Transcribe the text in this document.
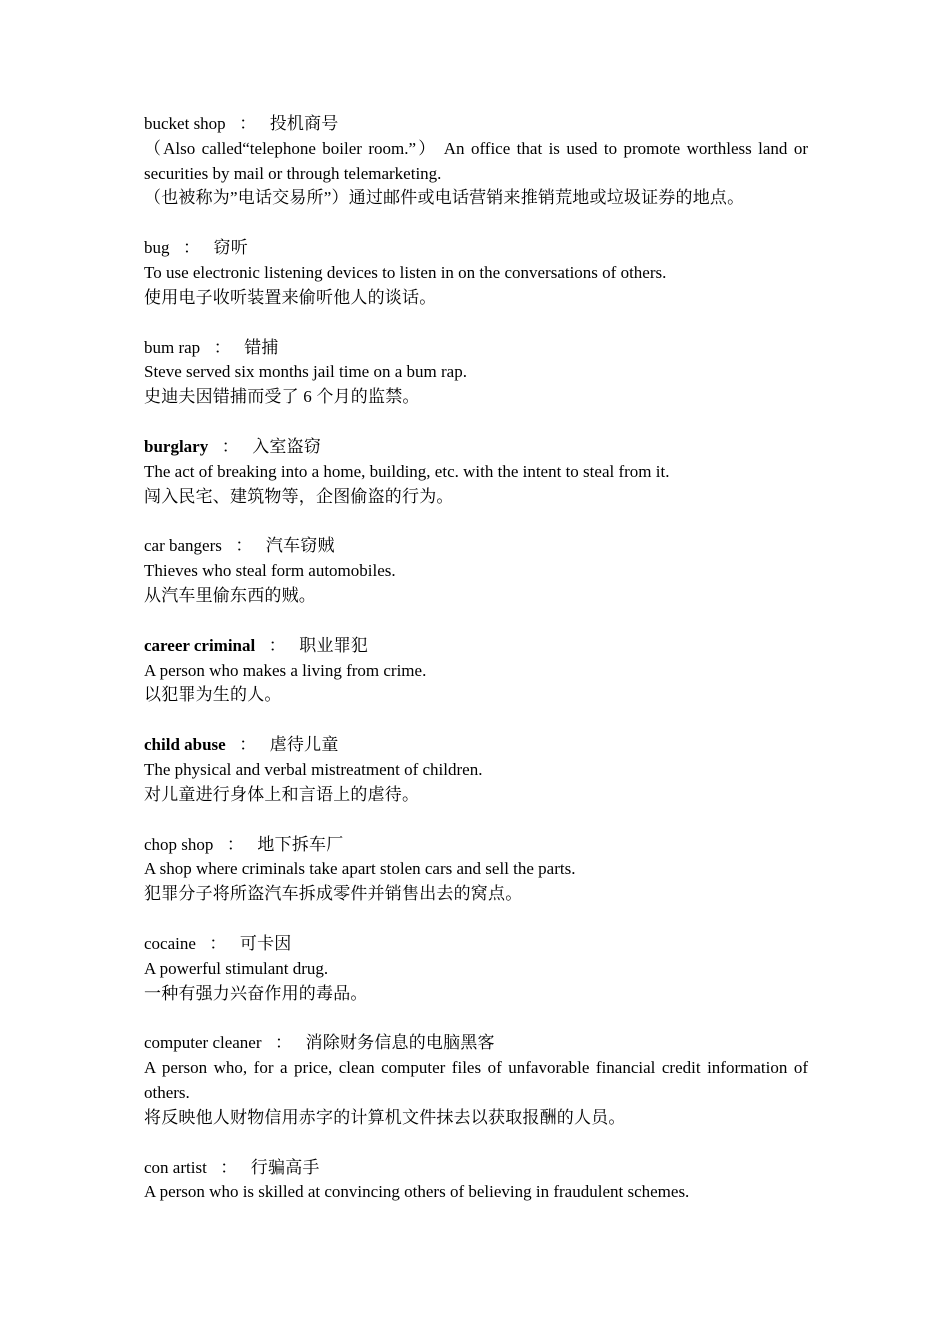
bucket shop ： 投机商号
（Also called“telephone boiler room.”） An office that is used to promote worthless land or securities by mail or through telemarketing.
（也被称为”电话交易所”）通过邮件或电话营销来推销荒地或垃圾证券的地点。
bug ： 窃听
To use electronic listening devices to listen in on the conversations of others.
使用电子收听装置来偷听他人的谈话。
bum rap ： 错捕
Steve served six months jail time on a bum rap.
史迪夫因错捕而受了 6 个月的监禁。
burglary ： 入室盗窃
The act of breaking into a home, building, etc. with the intent to steal from it.
闯入民宅、建筑物等，企图偷盗的行为。
car bangers ： 汽车窃贼
Thieves who steal form automobiles.
从汽车里偷东西的贼。
career criminal ： 职业罪犯
A person who makes a living from crime.
以犯罪为生的人。
child abuse ： 虐待儿童
The physical and verbal mistreatment of children.
对儿童进行身体上和言语上的虐待。
chop shop ： 地下拆车厂
A shop where criminals take apart stolen cars and sell the parts.
犯罪分子将所盗汽车拆成零件并销售出去的窝点。
cocaine ： 可卡因
A powerful stimulant drug.
一种有强力兴奋作用的毒品。
computer cleaner ： 消除财务信息的电脑黑客
A person who, for a price, clean computer files of unfavorable financial credit information of others.
将反映他人财物信用赤字的计算机文件抹去以获取报酬的人员。
con artist ： 行骗高手
A person who is skilled at convincing others of believing in fraudulent schemes.
